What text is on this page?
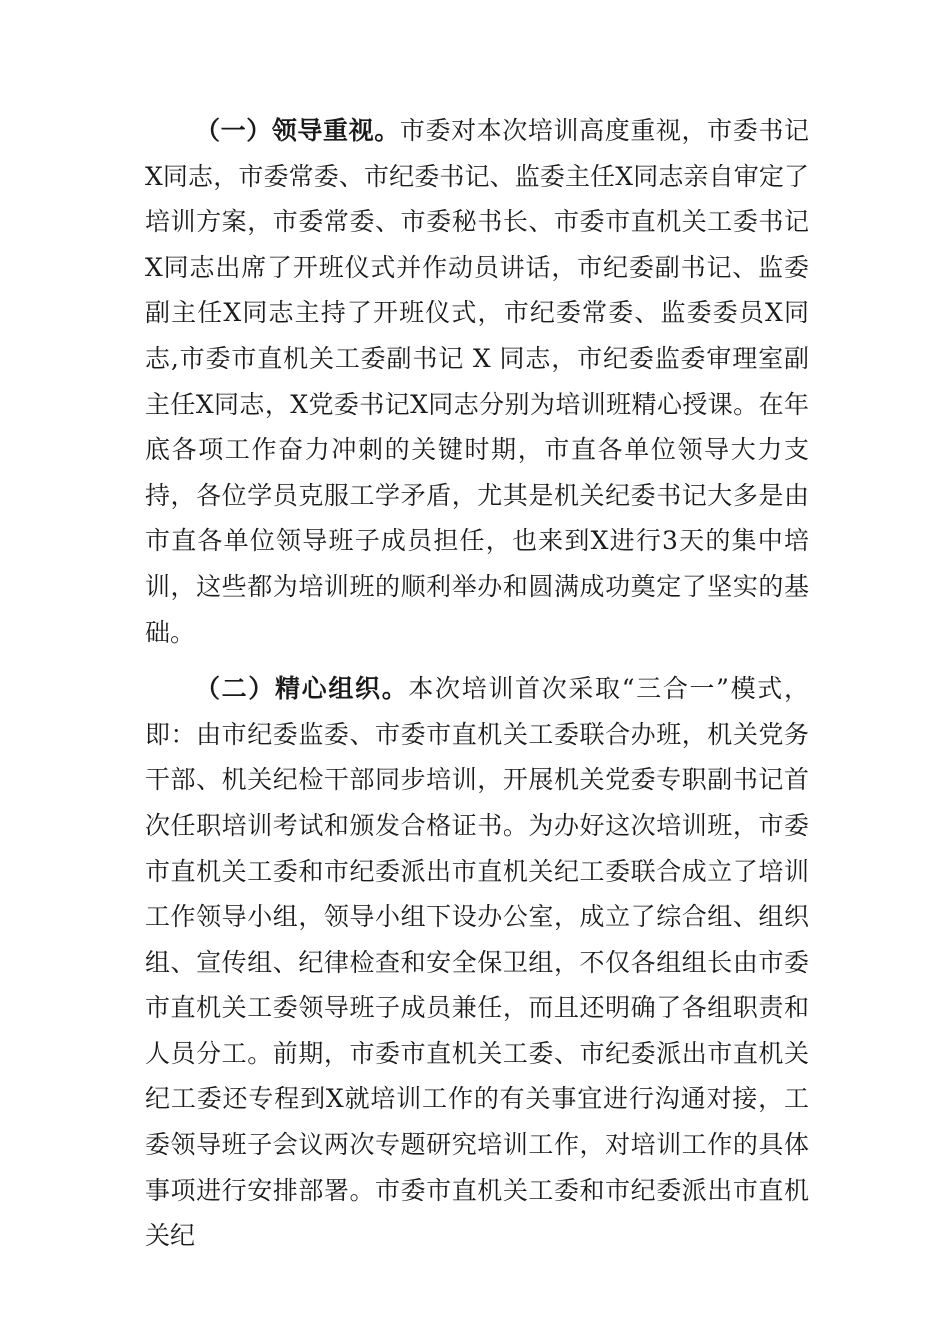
（一）领导重视。市委对本次培训高度重视，市委书记X同志，市委常委、市纪委书记、监委主任X同志亲自审定了培训方案，市委常委、市委秘书长、市委市直机关工委书记X同志出席了开班仪式并作动员讲话，市纪委副书记、监委副主任X同志主持了开班仪式，市纪委常委、监委委员X同志,市委市直机关工委副书记 X 同志，市纪委监委审理室副主任X同志，X党委书记X同志分别为培训班精心授课。在年底各项工作奋力冲刺的关键时期，市直各单位领导大力支持，各位学员克服工学矛盾，尤其是机关纪委书记大多是由市直各单位领导班子成员担任，也来到X进行3天的集中培训，这些都为培训班的顺利举办和圆满成功奠定了坚实的基础。

（二）精心组织。本次培训首次采取“三合一”模式，即：由市纪委监委、市委市直机关工委联合办班，机关党务干部、机关纪检干部同步培训，开展机关党委专职副书记首次任职培训考试和颁发合格证书。为办好这次培训班，市委市直机关工委和市纪委派出市直机关纪工委联合成立了培训工作领导小组，领导小组下设办公室，成立了综合组、组织组、宣传组、纪律检查和安全保卫组，不仅各组组长由市委市直机关工委领导班子成员兼任，而且还明确了各组职责和人员分工。前期，市委市直机关工委、市纪委派出市直机关纪工委还专程到X就培训工作的有关事宜进行沟通对接，工委领导班子会议两次专题研究培训工作，对培训工作的具体事项进行安排部署。市委市直机关工委和市纪委派出市直机关纪
